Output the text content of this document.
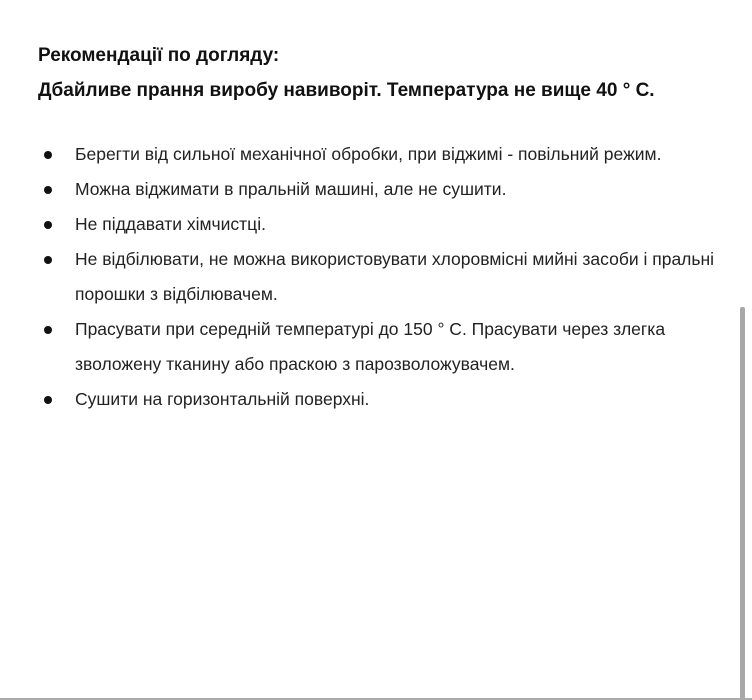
Рекомендації по догляду:

Дбайливе прання виробу навиворіт. Температура не вище 40 ° С.

Берегти від сильної механічної обробки, при віджимі - повільний режим.
Можна віджимати в пральній машині, але не сушити.
Не піддавати хімчистці.
Не відбілювати, не можна використовувати хлоровмісні мийні засоби і пральні порошки з відбілювачем.
Прасувати при середній температурі до 150 ° С. Прасувати через злегка зволожену тканину або праскою з парозволожувачем.
Сушити на горизонтальній поверхні.
